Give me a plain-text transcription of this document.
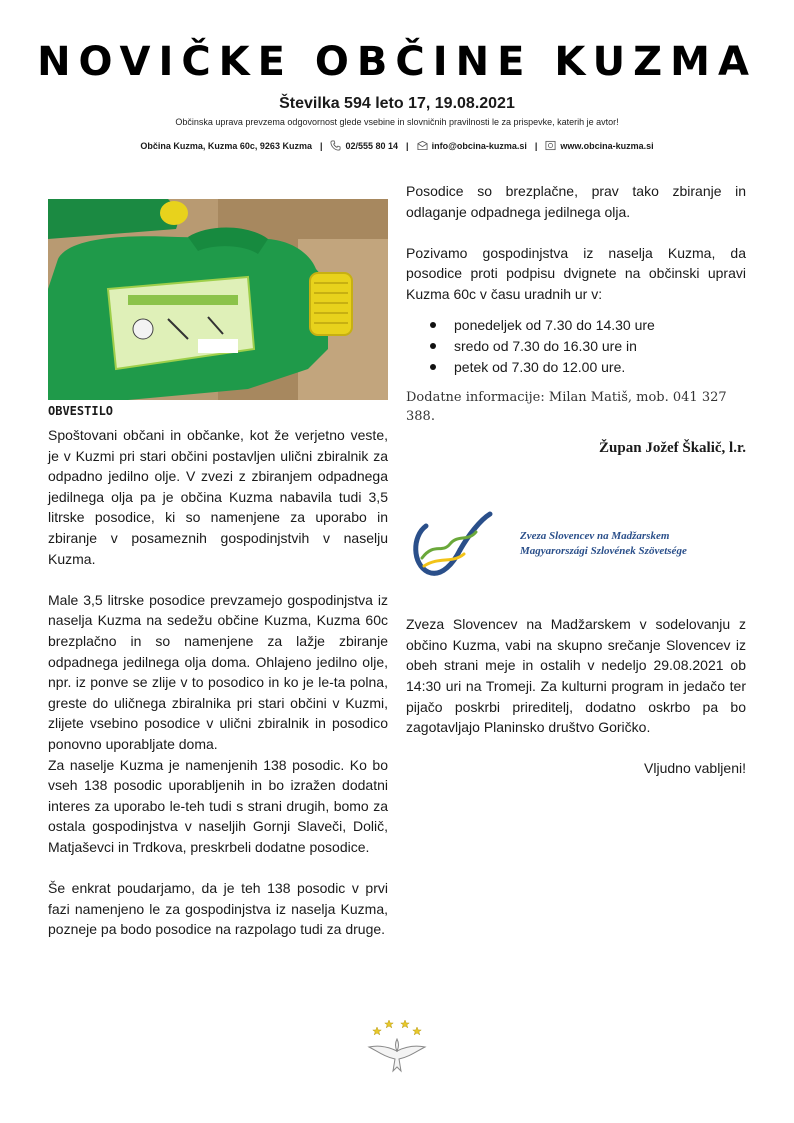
NOVIČKE OBČINE KUZMA
Številka 594 leto 17, 19.08.2021
Občinska uprava prevzema odgovornost glede vsebine in slovničnih pravilnosti le za prispevke, katerih je avtor!
Občina Kuzma, Kuzma 60c, 9263 Kuzma |	02/555 80 14 |	info@obcina-kuzma.si |	www.obcina-kuzma.si
OBVESTILO

Spoštovani občani in občanke, kot že verjetno veste, je v Kuzmi pri stari občini postavljen ulični zbiralnik za odpadno jedilno olje. V zvezi z zbiranjem odpadnega jedilnega olja pa je občina Kuzma nabavila tudi 3,5 litrske posodice, ki so namenjene za uporabo in zbiranje v posameznih gospodinjstvih v naselju Kuzma.

Male 3,5 litrske posodice prevzamejo gospodinjstva iz naselja Kuzma na sedežu občine Kuzma, Kuzma 60c brezplačno in so namenjene za lažje zbiranje odpadnega jedilnega olja doma. Ohlajeno jedilno olje, npr. iz ponve se zlije v to posodico in ko je le-ta polna, greste do uličnega zbiralnika pri stari občini v Kuzmi, zlijete vsebino posodice v ulični zbiralnik in posodico ponovno uporabljate doma.

Za naselje Kuzma je namenjenih 138 posodic. Ko bo vseh 138 posodic uporabljenih in bo izražen dodatni interes za uporabo le-teh tudi s strani drugih, bomo za ostala gospodinjstva v naseljih Gornji Slaveči, Dolič, Matjaševci in Trdkova, preskrbeli dodatne posodice.

Še enkrat poudarjamo, da je teh 138 posodic v prvi fazi namenjeno le za gospodinjstva iz naselja Kuzma, pozneje pa bodo posodice na razpolago tudi za druge.

Posodice so brezplačne, prav tako zbiranje in odlaganje odpadnega jedilnega olja.

Pozivamo gospodinjstva iz naselja Kuzma, da posodice proti podpisu dvignete na občinski upravi Kuzma 60c v času uradnih ur v:

ponedeljek od 7.30 do 14.30 ure
sredo od 7.30 do 16.30 ure in
petek od 7.30 do 12.00 ure.

Dodatne informacije: Milan Matiš, mob. 041 327 388.

Župan Jožef Škalič, l.r.

Zveza Slovencev na Madžarskem
Magyarországi Szlovének Szövetsége

Zveza Slovencev na Madžarskem v sodelovanju z občino Kuzma, vabi na skupno srečanje Slovencev iz obeh strani meje in ostalih v nedeljo 29.08.2021 ob 14:30 uri na Tromeji. Za kulturni program in jedačo ter pijačo poskrbi prireditelj, dodatno oskrbo pa bo zagotavljajo Planinsko društvo Goričko.

Vljudno vabljeni!
